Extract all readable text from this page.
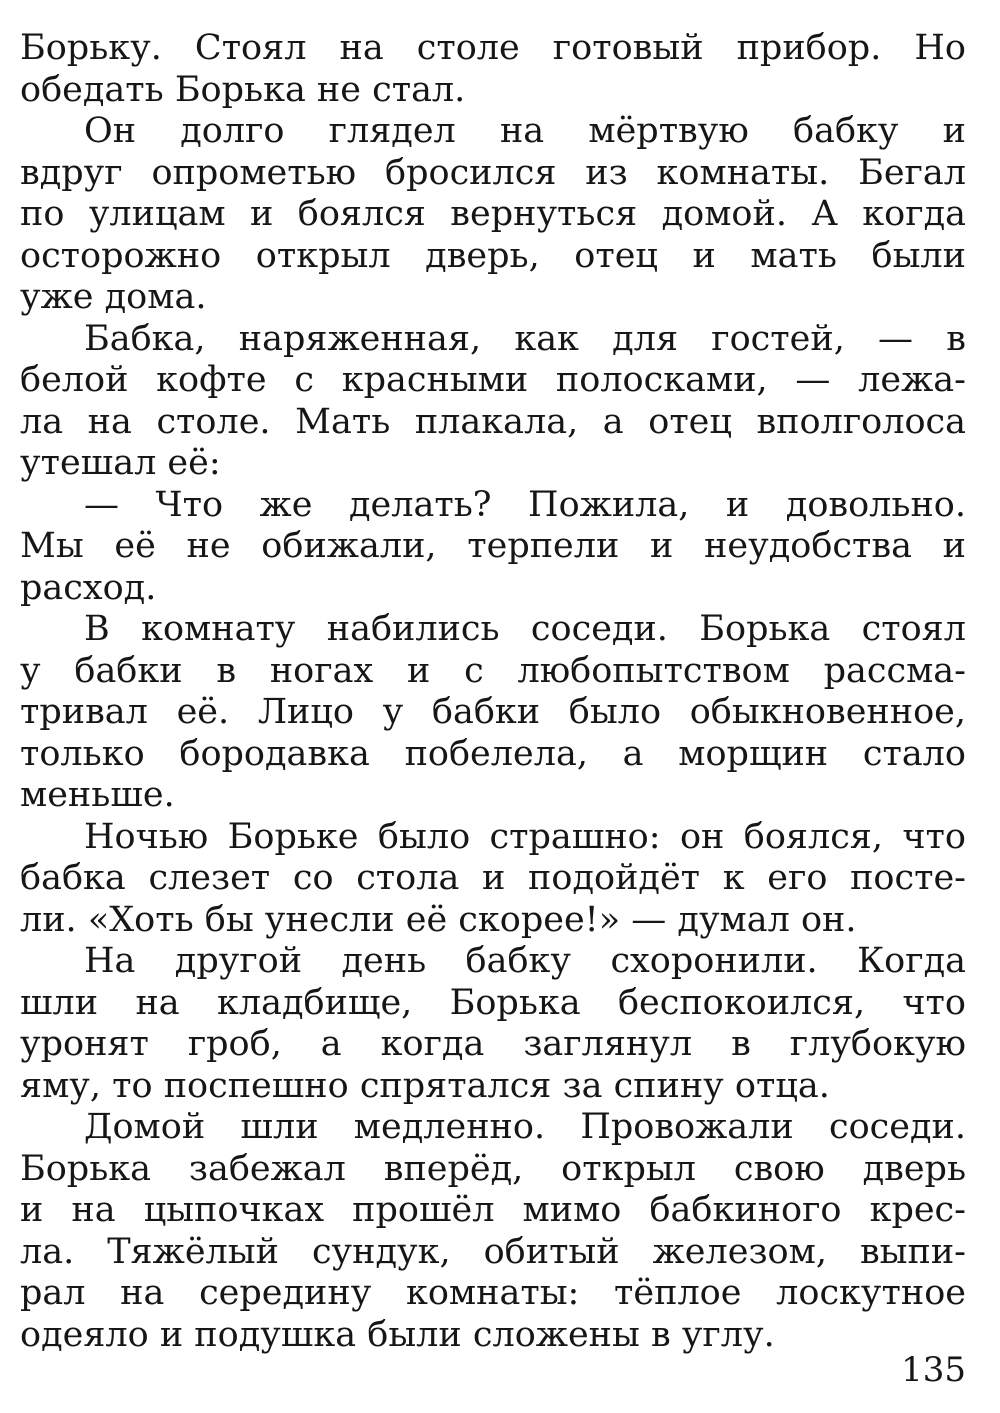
Борьку. Стоял на столе готовый прибор. Но
обедать Борька не стал.

Он долго глядел на мёртвую бабку и
вдруг опрометью бросился из комнаты. Бегал
по улицам и боялся вернуться домой. А когда
осторожно открыл дверь, отец и мать были
уже дома.

Бабка, наряженная, как для гостей, — в
белой кофте с красными полосками, — лежа-
ла на столе. Мать плакала, а отец вполголоса
утешал её:

— Что же делать? Пожила, и довольно.
Мы её не обижали, терпели и неудобства и
расход.

В комнату набились соседи. Борька стоял
у бабки в ногах и с любопытством рассма-
тривал её. Лицо у бабки было обыкновенное,
только бородавка побелела, а морщин стало
меньше.

Ночью Борьке было страшно: он боялся, что
бабка слезет со стола и подойдёт к его посте-
ли. «Хоть бы унесли её скорее!» — думал он.

На другой день бабку схоронили. Когда
шли на кладбище, Борька беспокоился, что
уронят гроб, а когда заглянул в глубокую
яму, то поспешно спрятался за спину отца.

Домой шли медленно. Провожали соседи.
Борька забежал вперёд, открыл свою дверь
и на цыпочках прошёл мимо бабкиного крес-
ла. Тяжёлый сундук, обитый железом, выпи-
рал на середину комнаты: тёплое лоскутное
одеяло и подушка были сложены в углу.

135
